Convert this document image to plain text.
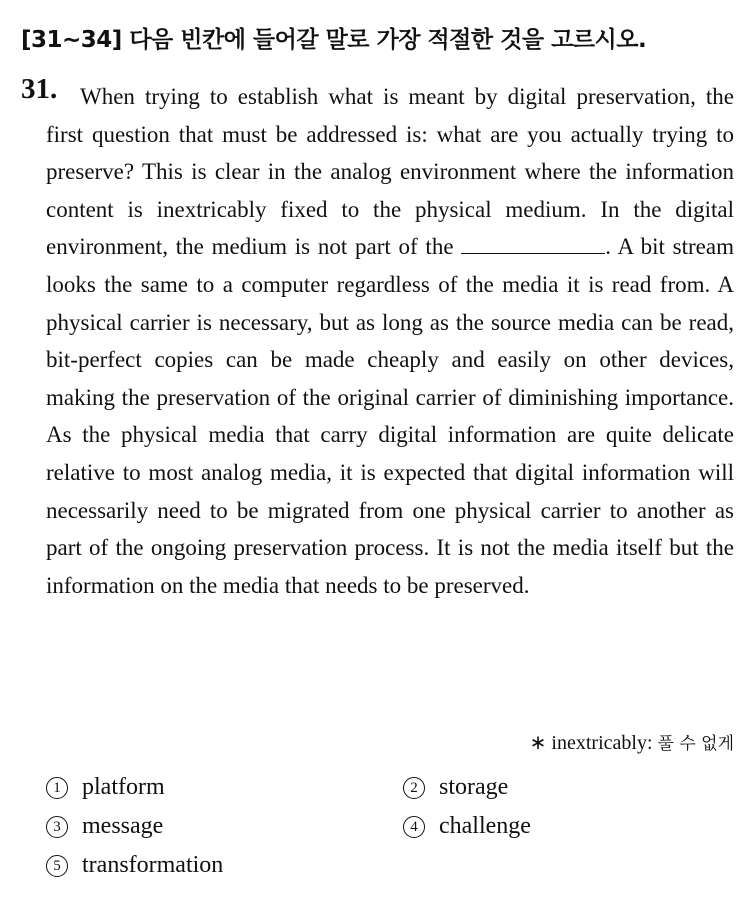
[31~34] 다음 빈칸에 들어갈 말로 가장 적절한 것을 고르시오.
31. When trying to establish what is meant by digital preservation, the first question that must be addressed is: what are you actually trying to preserve? This is clear in the analog environment where the information content is inextricably fixed to the physical medium. In the digital environment, the medium is not part of the	. A bit stream looks the same to a computer regardless of the media it is read from. A physical carrier is necessary, but as long as the source media can be read, bit-perfect copies can be made cheaply and easily on other devices, making the preservation of the original carrier of diminishing importance. As the physical media that carry digital information are quite delicate relative to most analog media, it is expected that digital information will necessarily need to be migrated from one physical carrier to another as part of the ongoing preservation process. It is not the media itself but the information on the media that needs to be preserved.

∗ inextricably: 풀 수 없게
1 platform	2 storage
3 message	4 challenge
5 transformation
